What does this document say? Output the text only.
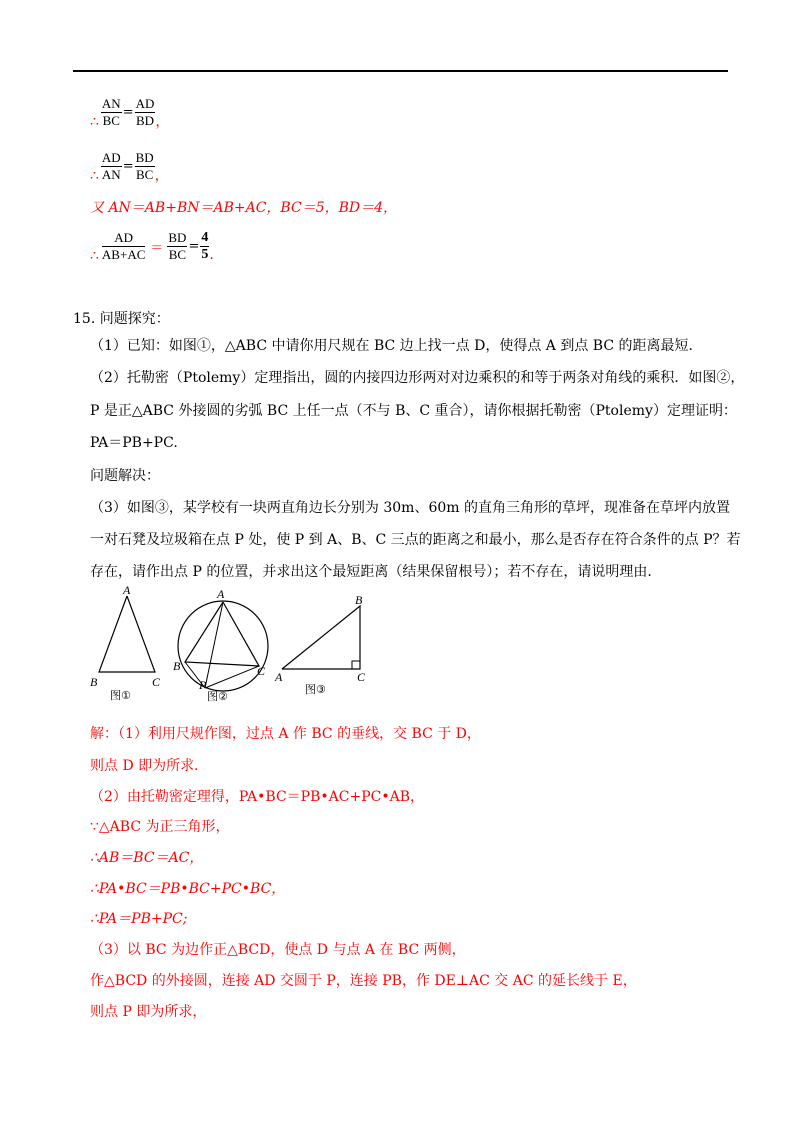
∴ $\frac{AN}{BC} = \frac{AD}{BD}$ ，
∴ $\frac{AD}{AN} = \frac{BD}{BC}$ ，
又 AN＝AB+BN＝AB+AC，BC＝5，BD＝4，
∴ $\frac{AD}{AB+AC} = \frac{BD}{BC} = \frac{4}{5}$ .
15. 问题探究：
（1）已知：如图①，△ABC 中请你用尺规在 BC 边上找一点 D，使得点 A 到点 BC 的距离最短.
（2）托勒密（Ptolemy）定理指出，圆的内接四边形两对对边乘积的和等于两条对角线的乘积．如图②，
P 是正△ABC 外接圆的劣弧 BC 上任一点（不与 B、C 重合），请你根据托勒密（Ptolemy）定理证明：
PA＝PB+PC.
问题解决：
（3）如图③，某学校有一块两直角边长分别为 30m、60m 的直角三角形的草坪，现准备在草坪内放置
一对石凳及垃圾箱在点 P 处，使 P 到 A、B、C 三点的距离之和最小，那么是否存在符合条件的点 P？若
存在，请作出点 P 的位置，并求出这个最短距离（结果保留根号）；若不存在，请说明理由.
A
B	C
图①
A
B	C
P
图②
B
A	C
图③
解：（1）利用尺规作图，过点 A 作 BC 的垂线，交 BC 于 D，
则点 D 即为所求．
（2）由托勒密定理得，PA•BC＝PB•AC+PC•AB，
∵△ABC 为正三角形，
∴AB＝BC＝AC，
∴PA•BC＝PB•BC+PC•BC，
∴PA＝PB+PC;
（3）以 BC 为边作正△BCD，使点 D 与点 A 在 BC 两侧，
作△BCD 的外接圆，连接 AD 交圆于 P，连接 PB，作 DE⊥AC 交 AC 的延长线于 E，
则点 P 即为所求，
